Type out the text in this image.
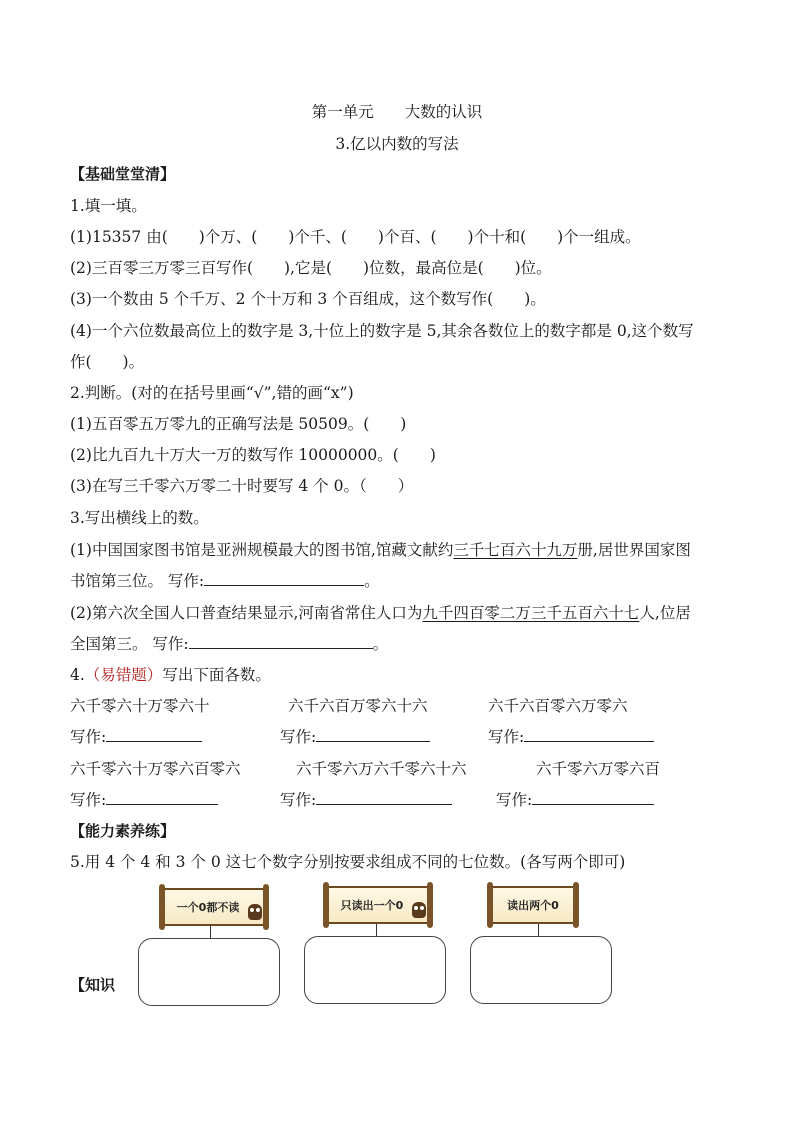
第一单元　　大数的认识
3.亿以内数的写法
【基础堂堂清】
1.填一填。
(1)15357 由(　　)个万、(　　)个千、(　　)个百、(　　)个十和(　　)个一组成。
(2)三百零三万零三百写作(　　),它是(　　)位数，最高位是(　　)位。
(3)一个数由 5 个千万、2 个十万和 3 个百组成，这个数写作(　　)。
(4)一个六位数最高位上的数字是 3,十位上的数字是 5,其余各数位上的数字都是 0,这个数写
作(　　)。
2.判断。(对的在括号里画“√”,错的画“x”)
(1)五百零五万零九的正确写法是 50509。(　　)
(2)比九百九十万大一万的数写作 10000000。(　　)
(3)在写三千零六万零二十时要写 4 个 0。（　　）
3.写出横线上的数。
(1)中国国家图书馆是亚洲规模最大的图书馆,馆藏文献约三千七百六十九万册,居世界国家图
书馆第三位。 写作:	。
(2)第六次全国人口普查结果显示,河南省常住人口为九千四百零二万三千五百六十七人,位居
全国第三。 写作:	。
4.（易错题）写出下面各数。
六千零六十万零六十	六千六百万零六十六	六千六百零六万零六
写作:	写作:	写作:
六千零六十万零六百零六	六千零六万六千零六十六	六千零六万零六百
写作:	写作:	写作:
【能力素养练】
5.用 4 个 4 和 3 个 0 这七个数字分别按要求组成不同的七位数。(各写两个即可)
一个0都不读	只读出一个0	读出两个0
【知识
